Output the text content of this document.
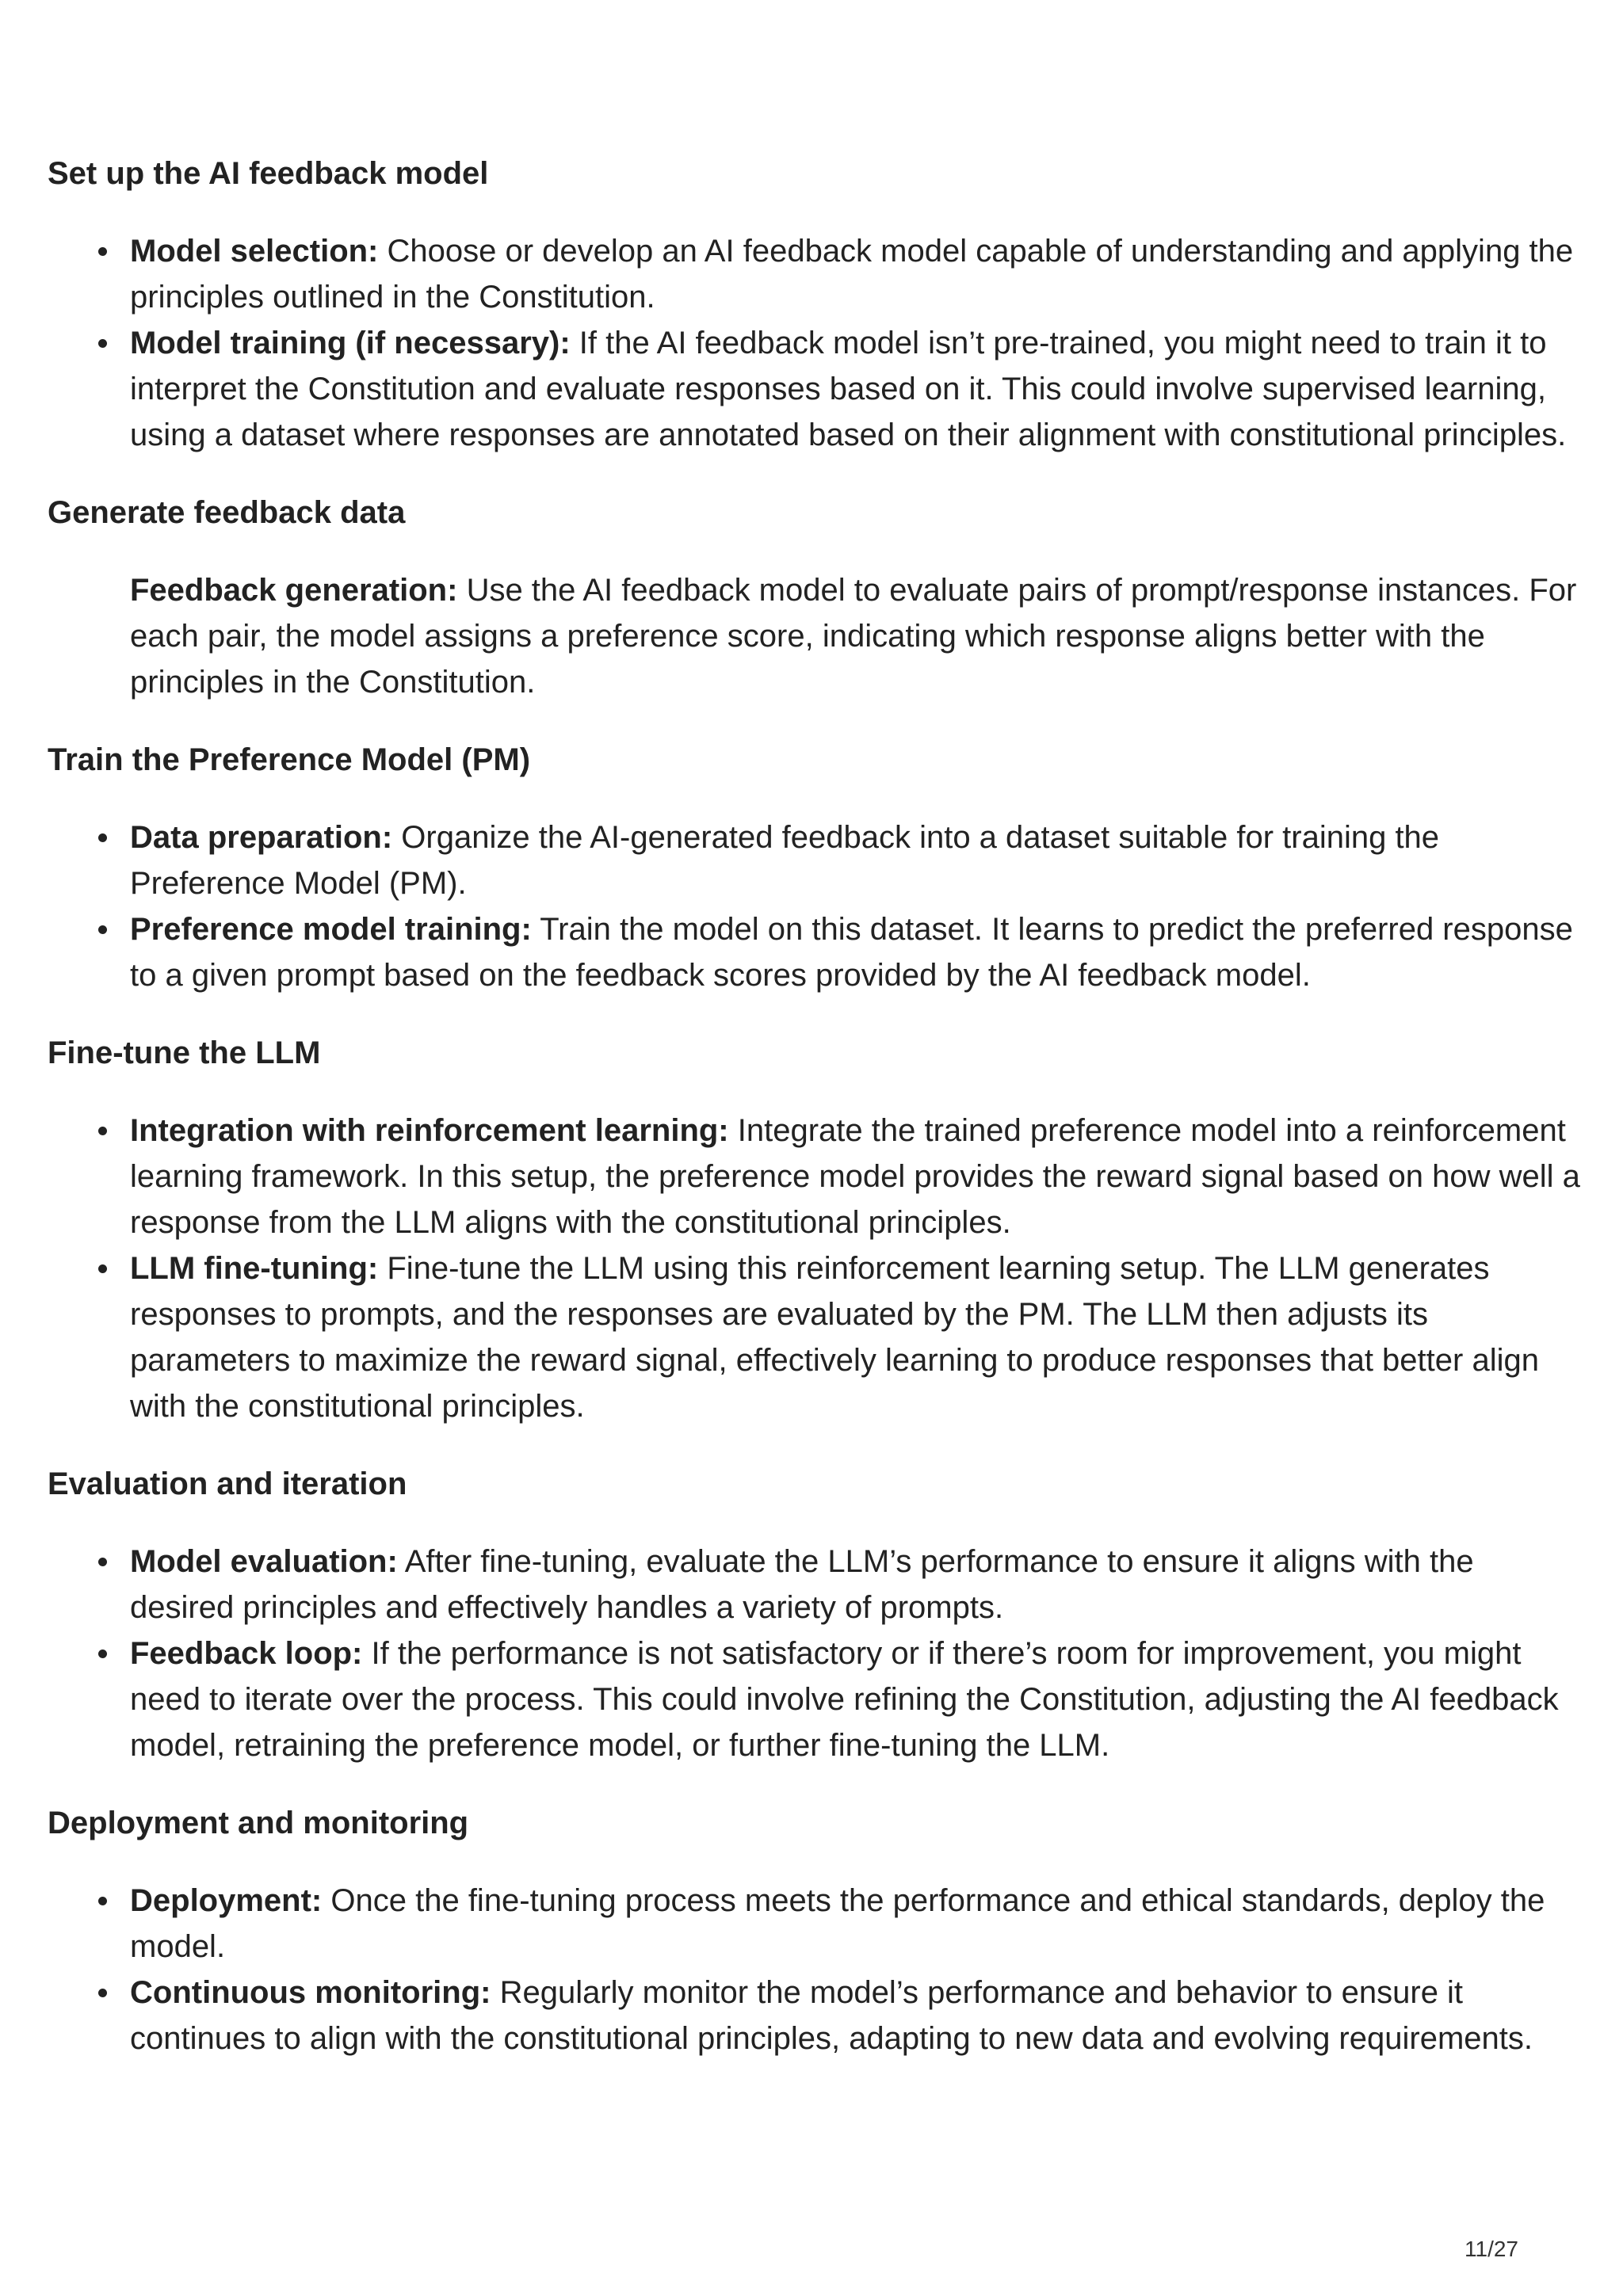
Set up the AI feedback model
Model selection: Choose or develop an AI feedback model capable of understanding and applying the principles outlined in the Constitution.
Model training (if necessary): If the AI feedback model isn’t pre-trained, you might need to train it to interpret the Constitution and evaluate responses based on it. This could involve supervised learning, using a dataset where responses are annotated based on their alignment with constitutional principles.
Generate feedback data
Feedback generation: Use the AI feedback model to evaluate pairs of prompt/response instances. For each pair, the model assigns a preference score, indicating which response aligns better with the principles in the Constitution.
Train the Preference Model (PM)
Data preparation: Organize the AI-generated feedback into a dataset suitable for training the Preference Model (PM).
Preference model training: Train the model on this dataset. It learns to predict the preferred response to a given prompt based on the feedback scores provided by the AI feedback model.
Fine-tune the LLM
Integration with reinforcement learning: Integrate the trained preference model into a reinforcement learning framework. In this setup, the preference model provides the reward signal based on how well a response from the LLM aligns with the constitutional principles.
LLM fine-tuning: Fine-tune the LLM using this reinforcement learning setup. The LLM generates responses to prompts, and the responses are evaluated by the PM. The LLM then adjusts its parameters to maximize the reward signal, effectively learning to produce responses that better align with the constitutional principles.
Evaluation and iteration
Model evaluation: After fine-tuning, evaluate the LLM’s performance to ensure it aligns with the desired principles and effectively handles a variety of prompts.
Feedback loop: If the performance is not satisfactory or if there’s room for improvement, you might need to iterate over the process. This could involve refining the Constitution, adjusting the AI feedback model, retraining the preference model, or further fine-tuning the LLM.
Deployment and monitoring
Deployment: Once the fine-tuning process meets the performance and ethical standards, deploy the model.
Continuous monitoring: Regularly monitor the model’s performance and behavior to ensure it continues to align with the constitutional principles, adapting to new data and evolving requirements.
11/27
